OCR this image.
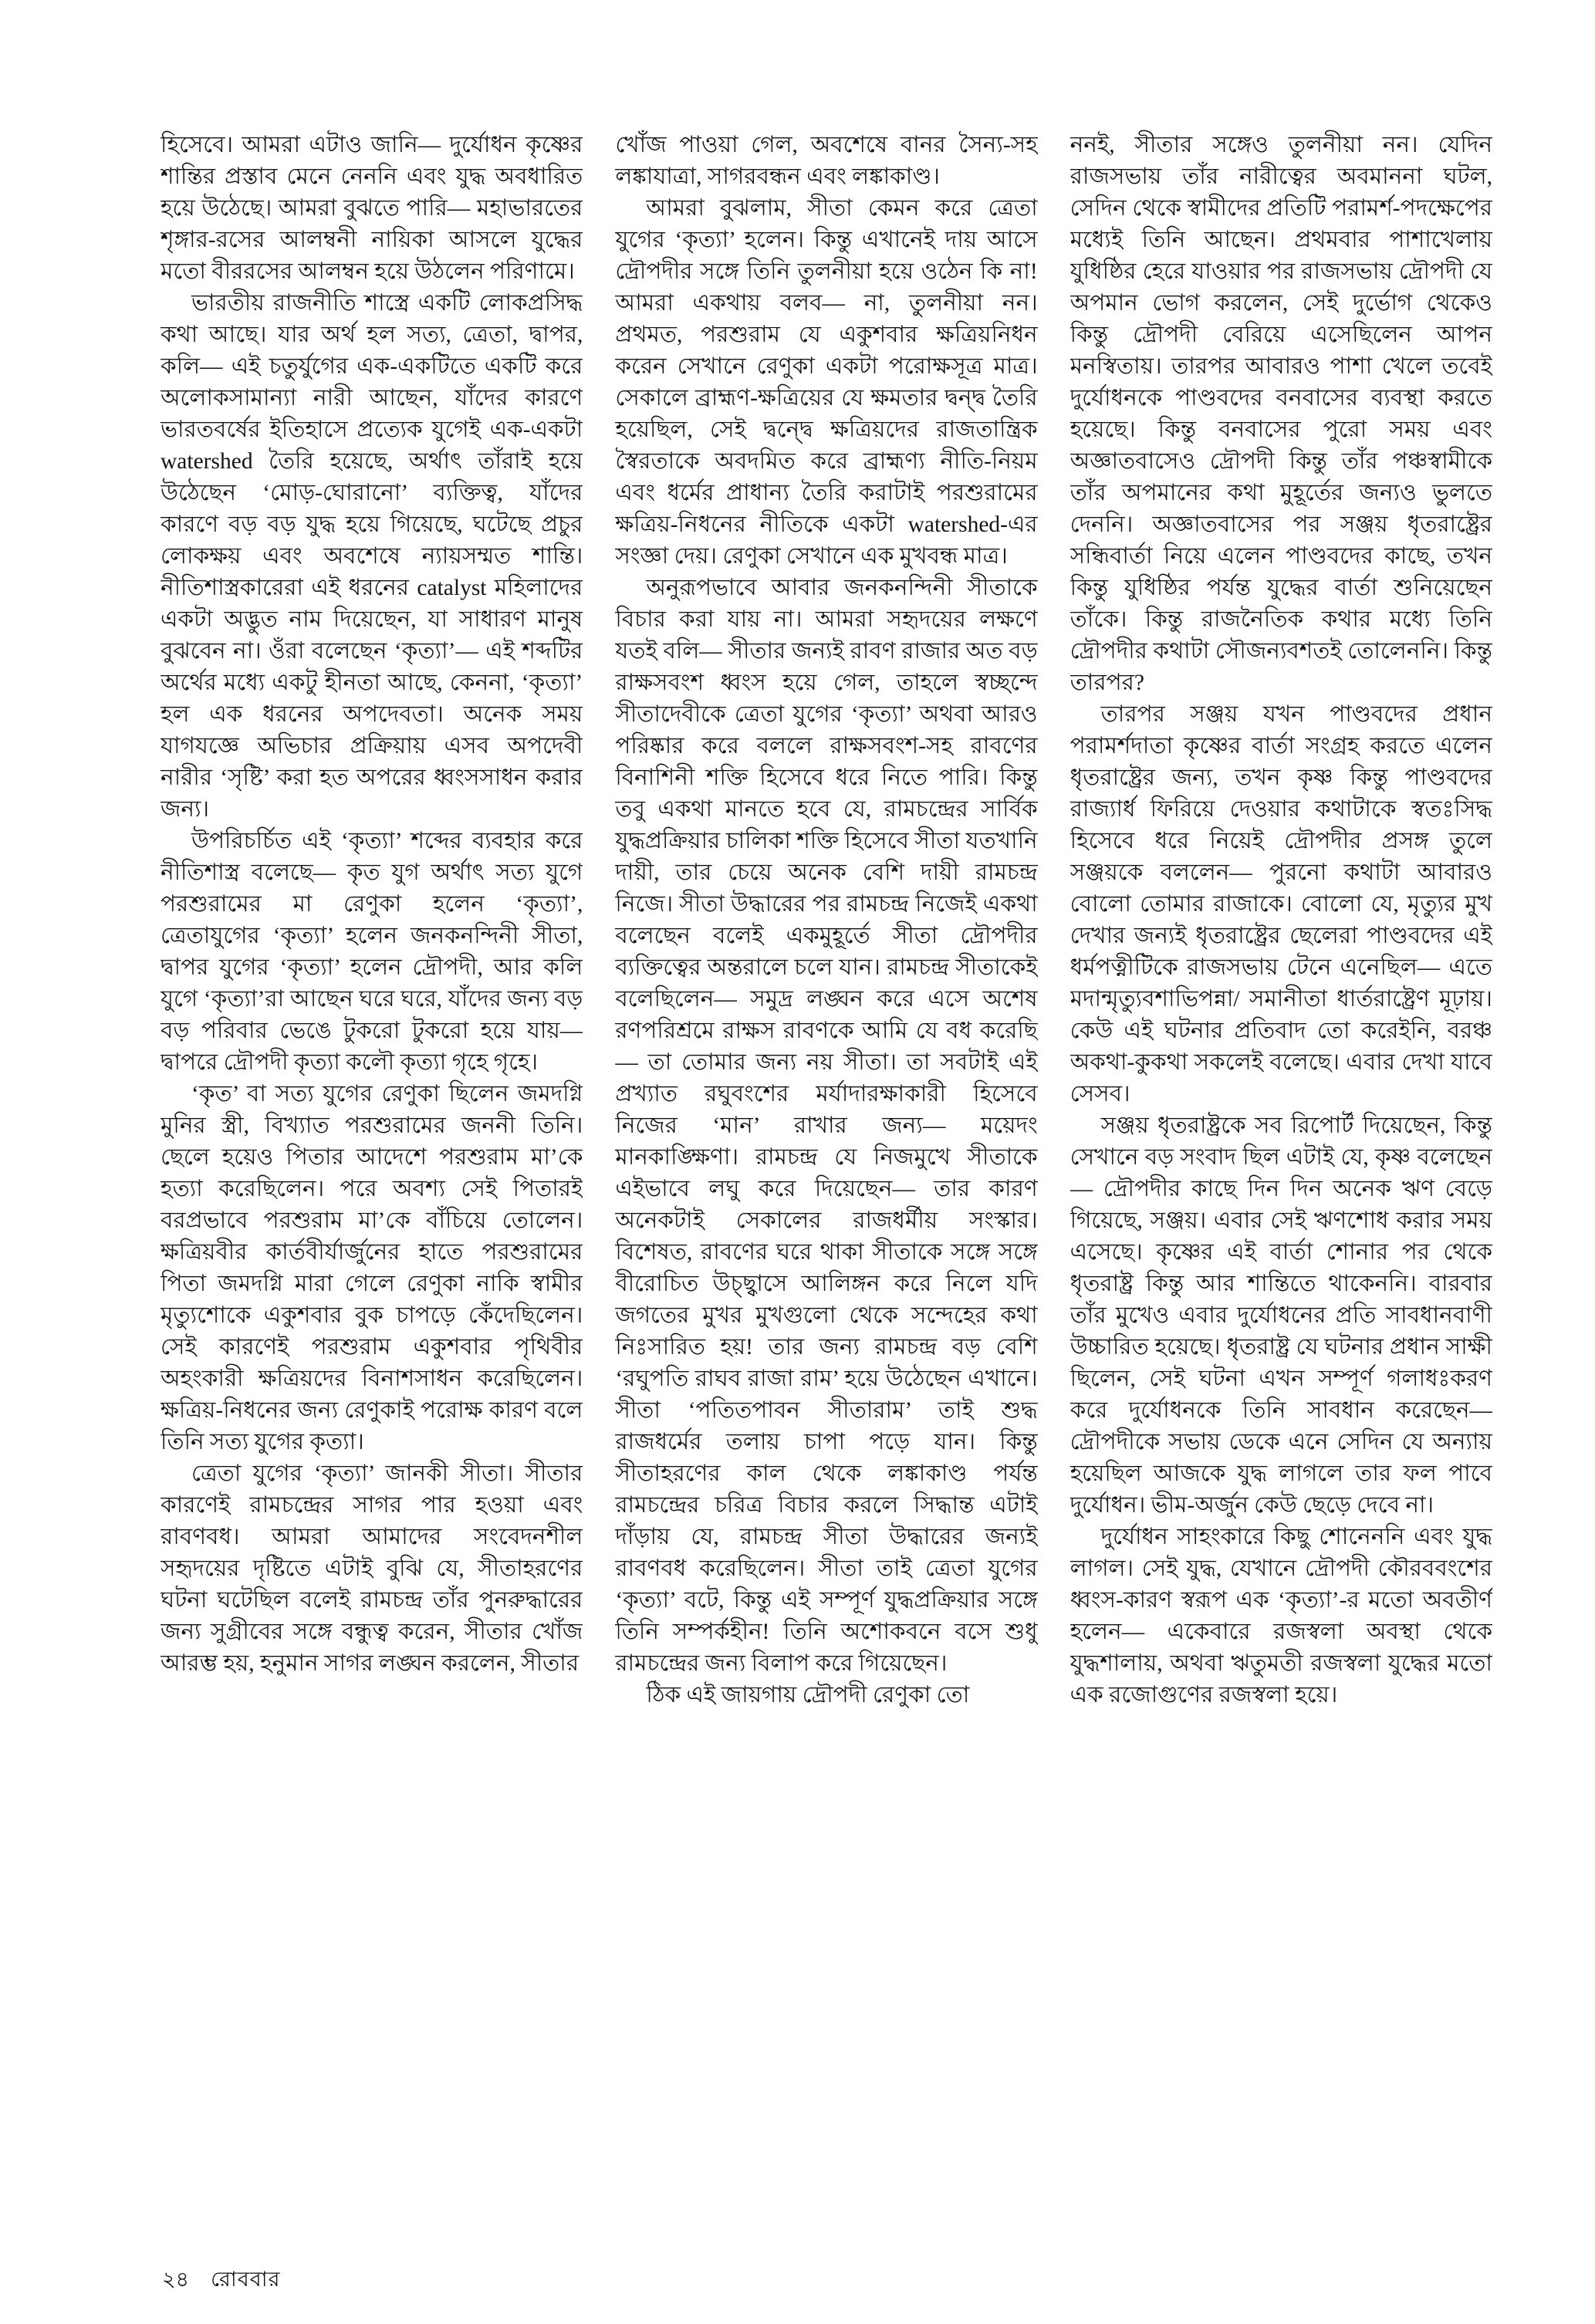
হিসেবে। আমরা এটাও জানি— দুর্যোধন কৃষ্ণের শান্তির প্রস্তাব মেনে নেননি এবং যুদ্ধ অবধারিত হয়ে উঠেছে। আমরা বুঝতে পারি— মহাভারতের শৃঙ্গার-রসের আলম্বনী নায়িকা আসলে যুদ্ধের মতো বীররসের আলম্বন হয়ে উঠলেন পরিণামে।

ভারতীয় রাজনীতি শাস্ত্রে একটি লোকপ্রসিদ্ধ কথা আছে। যার অর্থ হল সত্য, ত্রেতা, দ্বাপর, কলি— এই চতুর্যুগের এক-একটিতে একটি করে অলোকসামান্যা নারী আছেন, যাঁদের কারণে ভারতবর্ষের ইতিহাসে প্রত্যেক যুগেই এক-একটা watershed তৈরি হয়েছে, অর্থাৎ তাঁরাই হয়ে উঠেছেন ‘মোড়-ঘোরানো’ ব্যক্তিত্ব, যাঁদের কারণে বড় বড় যুদ্ধ হয়ে গিয়েছে, ঘটেছে প্রচুর লোকক্ষয় এবং অবশেষে ন্যায়সম্মত শান্তি। নীতিশাস্ত্রকারেরা এই ধরনের catalyst মহিলাদের একটা অদ্ভুত নাম দিয়েছেন, যা সাধারণ মানুষ বুঝবেন না। ওঁরা বলেছেন ‘কৃত্যা’— এই শব্দটির অর্থের মধ্যে একটু হীনতা আছে, কেননা, ‘কৃত্যা’ হল এক ধরনের অপদেবতা। অনেক সময় যাগযজ্ঞে অভিচার প্রক্রিয়ায় এসব অপদেবী নারীর ‘সৃষ্টি’ করা হত অপরের ধ্বংসসাধন করার জন্য।

উপরিচর্চিত এই ‘কৃত্যা’ শব্দের ব্যবহার করে নীতিশাস্ত্র বলেছে— কৃত যুগ অর্থাৎ সত্য যুগে পরশুরামের মা রেণুকা হলেন ‘কৃত্যা’, ত্রেতাযুগের ‘কৃত্যা’ হলেন জনকনন্দিনী সীতা, দ্বাপর যুগের ‘কৃত্যা’ হলেন দ্রৌপদী, আর কলি যুগে ‘কৃত্যা’রা আছেন ঘরে ঘরে, যাঁদের জন্য বড় বড় পরিবার ভেঙে টুকরো টুকরো হয়ে যায়— দ্বাপরে দ্রৌপদী কৃত্যা কলৌ কৃত্যা গৃহে গৃহে।

‘কৃত’ বা সত্য যুগের রেণুকা ছিলেন জমদগ্নি মুনির স্ত্রী, বিখ্যাত পরশুরামের জননী তিনি। ছেলে হয়েও পিতার আদেশে পরশুরাম মা’কে হত্যা করেছিলেন। পরে অবশ্য সেই পিতারই বরপ্রভাবে পরশুরাম মা’কে বাঁচিয়ে তোলেন। ক্ষত্রিয়বীর কার্তবীর্যার্জুনের হাতে পরশুরামের পিতা জমদগ্নি মারা গেলে রেণুকা নাকি স্বামীর মৃত্যুশোকে একুশবার বুক চাপড়ে কেঁদেছিলেন। সেই কারণেই পরশুরাম একুশবার পৃথিবীর অহংকারী ক্ষত্রিয়দের বিনাশসাধন করেছিলেন। ক্ষত্রিয়-নিধনের জন্য রেণুকাই পরোক্ষ কারণ বলে তিনি সত্য যুগের কৃত্যা।

ত্রেতা যুগের ‘কৃত্যা’ জানকী সীতা। সীতার কারণেই রামচন্দ্রের সাগর পার হওয়া এবং রাবণবধ। আমরা আমাদের সংবেদনশীল সহৃদয়ের দৃষ্টিতে এটাই বুঝি যে, সীতাহরণের ঘটনা ঘটেছিল বলেই রামচন্দ্র তাঁর পুনরুদ্ধারের জন্য সুগ্রীবের সঙ্গে বন্ধুত্ব করেন, সীতার খোঁজ আরম্ভ হয়, হনুমান সাগর লঙ্ঘন করলেন, সীতার

খোঁজ পাওয়া গেল, অবশেষে বানর সৈন্য-সহ লঙ্কাযাত্রা, সাগরবন্ধন এবং লঙ্কাকাণ্ড।

আমরা বুঝলাম, সীতা কেমন করে ত্রেতা যুগের ‘কৃত্যা’ হলেন। কিন্তু এখানেই দায় আসে দ্রৌপদীর সঙ্গে তিনি তুলনীয়া হয়ে ওঠেন কি না! আমরা একথায় বলব— না, তুলনীয়া নন। প্রথমত, পরশুরাম যে একুশবার ক্ষত্রিয়নিধন করেন সেখানে রেণুকা একটা পরোক্ষসূত্র মাত্র। সেকালে ব্রাহ্মণ-ক্ষত্রিয়ের যে ক্ষমতার দ্বন্দ্ব তৈরি হয়েছিল, সেই দ্বন্দ্বে ক্ষত্রিয়দের রাজতান্ত্রিক স্বৈরতাকে অবদমিত করে ব্রাহ্মণ্য নীতি-নিয়ম এবং ধর্মের প্রাধান্য তৈরি করাটাই পরশুরামের ক্ষত্রিয়-নিধনের নীতিকে একটা watershed-এর সংজ্ঞা দেয়। রেণুকা সেখানে এক মুখবন্ধ মাত্র।

অনুরূপভাবে আবার জনকনন্দিনী সীতাকে বিচার করা যায় না। আমরা সহৃদয়ের লক্ষণে যতই বলি— সীতার জন্যই রাবণ রাজার অত বড় রাক্ষসবংশ ধ্বংস হয়ে গেল, তাহলে স্বচ্ছন্দে সীতাদেবীকে ত্রেতা যুগের ‘কৃত্যা’ অথবা আরও পরিষ্কার করে বললে রাক্ষসবংশ-সহ রাবণের বিনাশিনী শক্তি হিসেবে ধরে নিতে পারি। কিন্তু তবু একথা মানতে হবে যে, রামচন্দ্রের সার্বিক যুদ্ধপ্রক্রিয়ার চালিকা শক্তি হিসেবে সীতা যতখানি দায়ী, তার চেয়ে অনেক বেশি দায়ী রামচন্দ্র নিজে। সীতা উদ্ধারের পর রামচন্দ্র নিজেই একথা বলেছেন বলেই একমুহূর্তে সীতা দ্রৌপদীর ব্যক্তিত্বের অন্তরালে চলে যান। রামচন্দ্র সীতাকেই বলেছিলেন— সমুদ্র লঙ্ঘন করে এসে অশেষ রণপরিশ্রমে রাক্ষস রাবণকে আমি যে বধ করেছি— তা তোমার জন্য নয় সীতা। তা সবটাই এই প্রখ্যাত রঘুবংশের মর্যাদারক্ষাকারী হিসেবে নিজের ‘মান’ রাখার জন্য— ময়েদং মানকাঙ্ক্ষিণা। রামচন্দ্র যে নিজমুখে সীতাকে এইভাবে লঘু করে দিয়েছেন— তার কারণ অনেকটাই সেকালের রাজধর্মীয় সংস্কার। বিশেষত, রাবণের ঘরে থাকা সীতাকে সঙ্গে সঙ্গে বীরোচিত উচ্ছ্বাসে আলিঙ্গন করে নিলে যদি জগতের মুখর মুখগুলো থেকে সন্দেহের কথা নিঃসারিত হয়! তার জন্য রামচন্দ্র বড় বেশি ‘রঘুপতি রাঘব রাজা রাম’ হয়ে উঠেছেন এখানে। সীতা ‘পতিতপাবন সীতারাম’ তাই শুদ্ধ রাজধর্মের তলায় চাপা পড়ে যান। কিন্তু সীতাহরণের কাল থেকে লঙ্কাকাণ্ড পর্যন্ত রামচন্দ্রের চরিত্র বিচার করলে সিদ্ধান্ত এটাই দাঁড়ায় যে, রামচন্দ্র সীতা উদ্ধারের জন্যই রাবণবধ করেছিলেন। সীতা তাই ত্রেতা যুগের ‘কৃত্যা’ বটে, কিন্তু এই সম্পূর্ণ যুদ্ধপ্রক্রিয়ার সঙ্গে তিনি সম্পর্কহীন! তিনি অশোকবনে বসে শুধু রামচন্দ্রের জন্য বিলাপ করে গিয়েছেন।

ঠিক এই জায়গায় দ্রৌপদী রেণুকা তো

ননই, সীতার সঙ্গেও তুলনীয়া নন। যেদিন রাজসভায় তাঁর নারীত্বের অবমাননা ঘটল, সেদিন থেকে স্বামীদের প্রতিটি পরামর্শ-পদক্ষেপের মধ্যেই তিনি আছেন। প্রথমবার পাশাখেলায় যুধিষ্ঠির হেরে যাওয়ার পর রাজসভায় দ্রৌপদী যে অপমান ভোগ করলেন, সেই দুর্ভোগ থেকেও কিন্তু দ্রৌপদী বেরিয়ে এসেছিলেন আপন মনস্বিতায়। তারপর আবারও পাশা খেলে তবেই দুর্যোধনকে পাণ্ডবদের বনবাসের ব্যবস্থা করতে হয়েছে। কিন্তু বনবাসের পুরো সময় এবং অজ্ঞাতবাসেও দ্রৌপদী কিন্তু তাঁর পঞ্চস্বামীকে তাঁর অপমানের কথা মুহূর্তের জন্যও ভুলতে দেননি। অজ্ঞাতবাসের পর সঞ্জয় ধৃতরাষ্ট্রের সন্ধিবার্তা নিয়ে এলেন পাণ্ডবদের কাছে, তখন কিন্তু যুধিষ্ঠির পর্যন্ত যুদ্ধের বার্তা শুনিয়েছেন তাঁকে। কিন্তু রাজনৈতিক কথার মধ্যে তিনি দ্রৌপদীর কথাটা সৌজন্যবশতই তোলেননি। কিন্তু তারপর?

তারপর সঞ্জয় যখন পাণ্ডবদের প্রধান পরামর্শদাতা কৃষ্ণের বার্তা সংগ্রহ করতে এলেন ধৃতরাষ্ট্রের জন্য, তখন কৃষ্ণ কিন্তু পাণ্ডবদের রাজ্যার্ধ ফিরিয়ে দেওয়ার কথাটাকে স্বতঃসিদ্ধ হিসেবে ধরে নিয়েই দ্রৌপদীর প্রসঙ্গ তুলে সঞ্জয়কে বললেন— পুরনো কথাটা আবারও বোলো তোমার রাজাকে। বোলো যে, মৃত্যুর মুখ দেখার জন্যই ধৃতরাষ্ট্রের ছেলেরা পাণ্ডবদের এই ধর্মপত্নীটিকে রাজসভায় টেনে এনেছিল— এতে মদান্মৃত্যুবশাভিপন্না/ সমানীতা ধার্তরাষ্ট্রেণ মূঢ়ায়। কেউ এই ঘটনার প্রতিবাদ তো করেইনি, বরঞ্চ অকথা-কুকথা সকলেই বলেছে। এবার দেখা যাবে সেসব।

সঞ্জয় ধৃতরাষ্ট্রকে সব রিপোর্ট দিয়েছেন, কিন্তু সেখানে বড় সংবাদ ছিল এটাই যে, কৃষ্ণ বলেছেন— দ্রৌপদীর কাছে দিন দিন অনেক ঋণ বেড়ে গিয়েছে, সঞ্জয়। এবার সেই ঋণশোধ করার সময় এসেছে। কৃষ্ণের এই বার্তা শোনার পর থেকে ধৃতরাষ্ট্র কিন্তু আর শান্তিতে থাকেননি। বারবার তাঁর মুখেও এবার দুর্যোধনের প্রতি সাবধানবাণী উচ্চারিত হয়েছে। ধৃতরাষ্ট্র যে ঘটনার প্রধান সাক্ষী ছিলেন, সেই ঘটনা এখন সম্পূর্ণ গলাধঃকরণ করে দুর্যোধনকে তিনি সাবধান করেছেন— দ্রৌপদীকে সভায় ডেকে এনে সেদিন যে অন্যায় হয়েছিল আজকে যুদ্ধ লাগলে তার ফল পাবে দুর্যোধন। ভীম-অর্জুন কেউ ছেড়ে দেবে না।

দুর্যোধন সাহংকারে কিছু শোনেননি এবং যুদ্ধ লাগল। সেই যুদ্ধ, যেখানে দ্রৌপদী কৌরববংশের ধ্বংস-কারণ স্বরূপ এক ‘কৃত্যা’-র মতো অবতীর্ণ হলেন— একেবারে রজস্বলা অবস্থা থেকে যুদ্ধশালায়, অথবা ঋতুমতী রজস্বলা যুদ্ধের মতো এক রজোগুণের রজস্বলা হয়ে।

২৪ রোববার
